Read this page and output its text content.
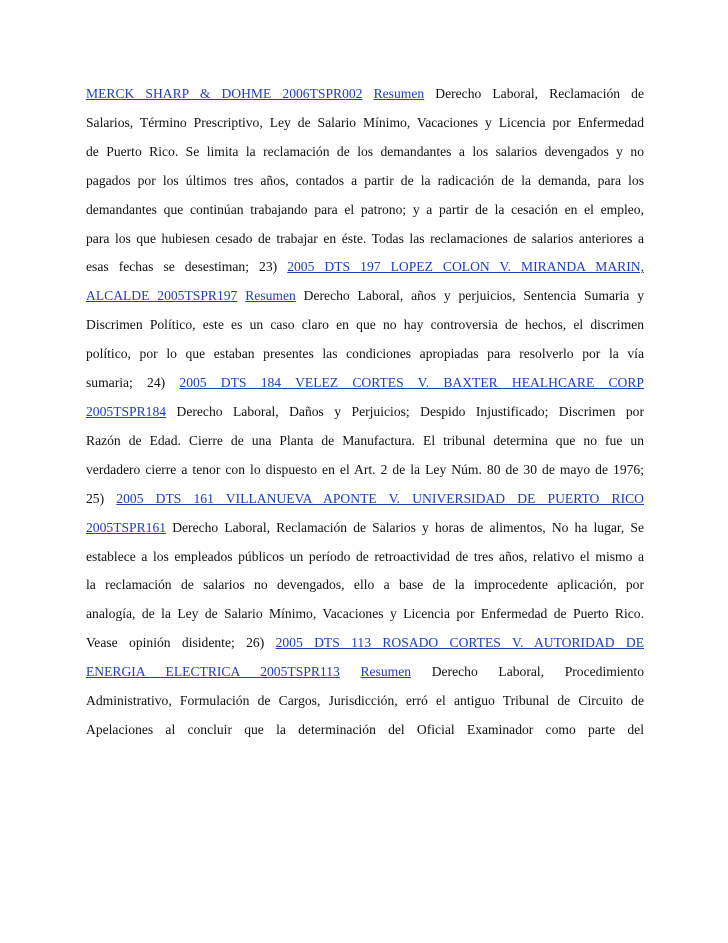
MERCK SHARP & DOHME 2006TSPR002 Resumen Derecho Laboral, Reclamación de
Salarios, Término Prescriptivo, Ley de Salario Mínimo, Vacaciones y Licencia por Enfermedad
de Puerto Rico. Se limita la reclamación de los demandantes a los salarios devengados y no
pagados por los últimos tres años, contados a partir de la radicación de la demanda, para los
demandantes que continúan trabajando para el patrono; y a partir de la cesación en el empleo,
para los que hubiesen cesado de trabajar en éste. Todas las reclamaciones de salarios anteriores a
esas fechas se desestiman; 23) 2005 DTS 197 LOPEZ COLON V. MIRANDA MARIN,
ALCALDE 2005TSPR197 Resumen Derecho Laboral, años y perjuicios, Sentencia Sumaria y
Discrimen Político, este es un caso claro en que no hay controversia de hechos, el discrimen
político, por lo que estaban presentes las condiciones apropiadas para resolverlo por la vía
sumaria; 24) 2005 DTS 184 VELEZ CORTES V. BAXTER HEALHCARE CORP
2005TSPR184 Derecho Laboral, Daños y Perjuicios; Despido Injustificado; Discrimen por
Razón de Edad. Cierre de una Planta de Manufactura. El tribunal determina que no fue un
verdadero cierre a tenor con lo dispuesto en el Art. 2 de la Ley Núm. 80 de 30 de mayo de 1976;
25) 2005 DTS 161 VILLANUEVA APONTE V. UNIVERSIDAD DE PUERTO RICO
2005TSPR161 Derecho Laboral, Reclamación de Salarios y horas de alimentos, No ha lugar, Se
establece a los empleados públicos un período de retroactividad de tres años, relativo el mismo a
la reclamación de salarios no devengados, ello a base de la improcedente aplicación, por
analogía, de la Ley de Salario Mínimo, Vacaciones y Licencia por Enfermedad de Puerto Rico.
Vease opinión disidente; 26) 2005 DTS 113 ROSADO CORTES V. AUTORIDAD DE
ENERGIA ELECTRICA 2005TSPR113 Resumen Derecho Laboral, Procedimiento
Administrativo, Formulación de Cargos, Jurisdicción, erró el antiguo Tribunal de Circuito de
Apelaciones al concluir que la determinación del Oficial Examinador como parte del
